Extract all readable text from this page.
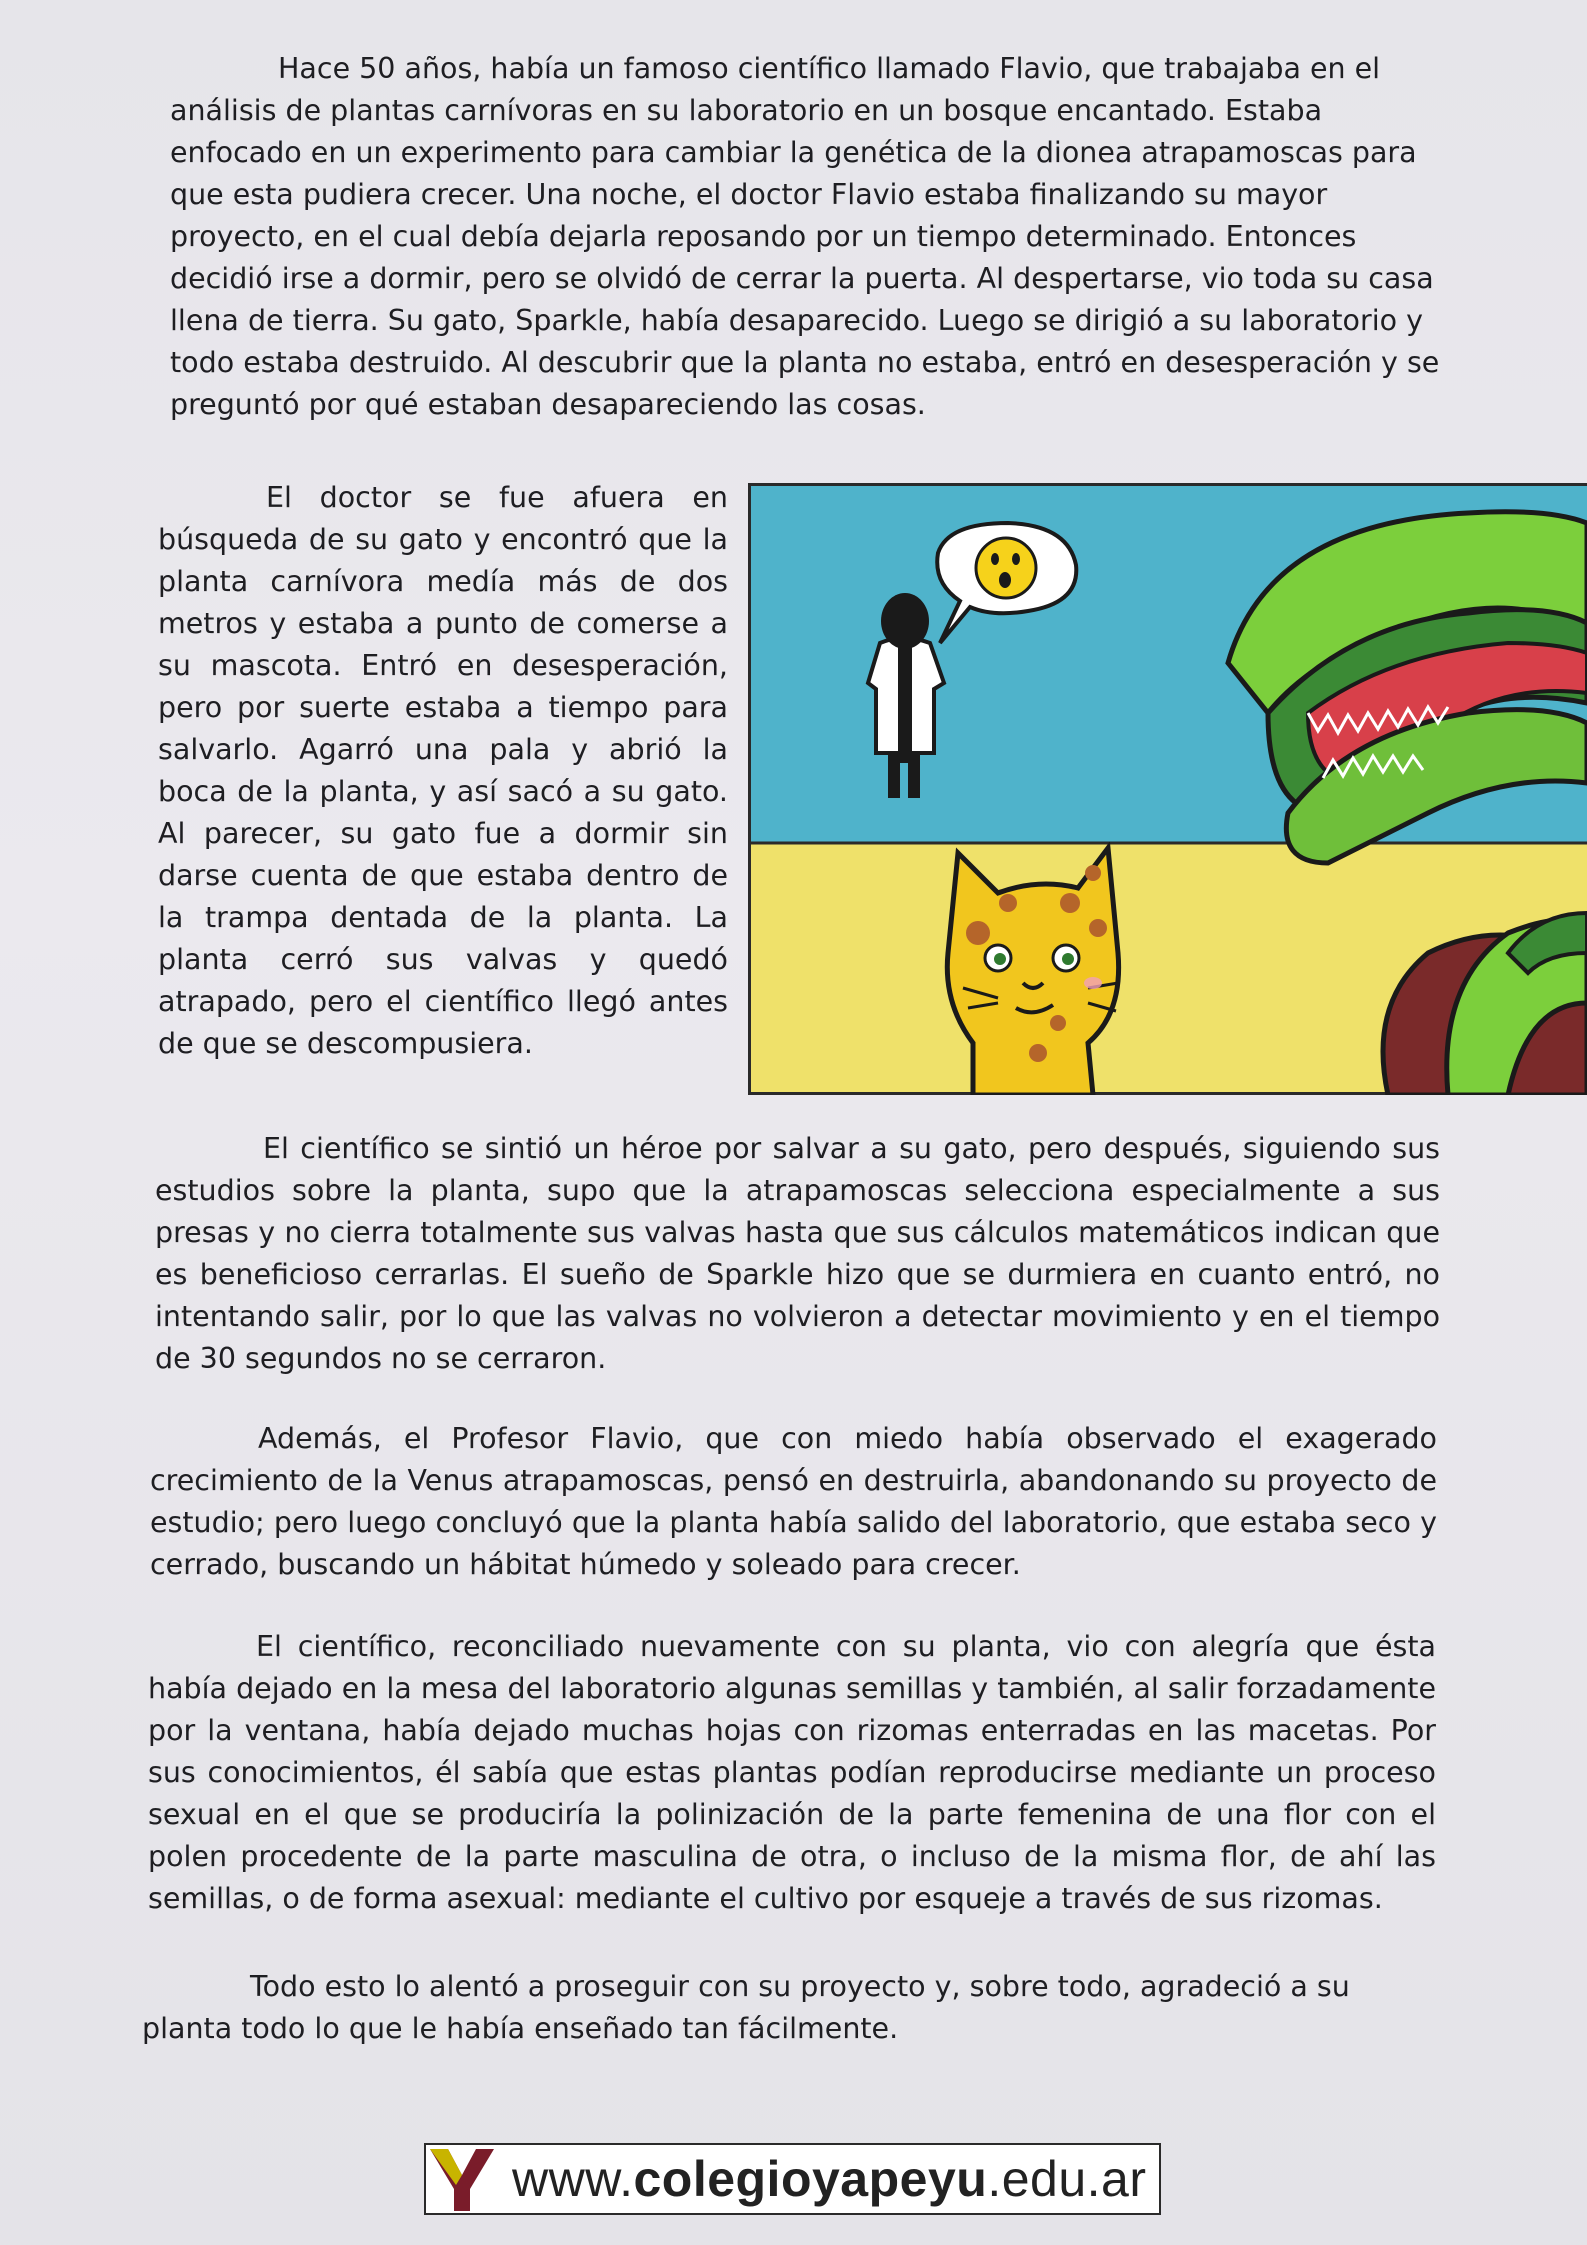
Hace 50 años, había un famoso científico llamado Flavio, que trabajaba en el análisis de plantas carnívoras en su laboratorio en un bosque encantado. Estaba enfocado en un experimento para cambiar la genética de la dionea atrapamoscas para que esta pudiera crecer. Una noche, el doctor Flavio estaba finalizando su mayor proyecto, en el cual debía dejarla reposando por un tiempo determinado. Entonces decidió irse a dormir, pero se olvidó de cerrar la puerta. Al despertarse, vio toda su casa llena de tierra. Su gato, Sparkle, había desaparecido. Luego se dirigió a su laboratorio y todo estaba destruido. Al descubrir que la planta no estaba, entró en desesperación y se preguntó por qué estaban desapareciendo las cosas.

El doctor se fue afuera en búsqueda de su gato y encontró que la planta carnívora medía más de dos metros y estaba a punto de comerse a su mascota. Entró en desesperación, pero por suerte estaba a tiempo para salvarlo. Agarró una pala y abrió la boca de la planta, y así sacó a su gato. Al parecer, su gato fue a dormir sin darse cuenta de que estaba dentro de la trampa dentada de la planta. La planta cerró sus valvas y quedó atrapado, pero el científico llegó antes de que se descompusiera.

El científico se sintió un héroe por salvar a su gato, pero después, siguiendo sus estudios sobre la planta, supo que la atrapamoscas selecciona especialmente a sus presas y no cierra totalmente sus valvas hasta que sus cálculos matemáticos indican que es beneficioso cerrarlas. El sueño de Sparkle hizo que se durmiera en cuanto entró, no intentando salir, por lo que las valvas no volvieron a detectar movimiento y en el tiempo de 30 segundos no se cerraron.

Además, el Profesor Flavio, que con miedo había observado el exagerado crecimiento de la Venus atrapamoscas, pensó en destruirla, abandonando su proyecto de estudio; pero luego concluyó que la planta había salido del laboratorio, que estaba seco y cerrado, buscando un hábitat húmedo y soleado para crecer.

El científico, reconciliado nuevamente con su planta, vio con alegría que ésta había dejado en la mesa del laboratorio algunas semillas y también, al salir forzadamente por la ventana, había dejado muchas hojas con rizomas enterradas en las macetas. Por sus conocimientos, él sabía que estas plantas podían reproducirse mediante un proceso sexual en el que se produciría la polinización de la parte femenina de una flor con el polen procedente de la parte masculina de otra, o incluso de la misma flor, de ahí las semillas, o de forma asexual: mediante el cultivo por esqueje a través de sus rizomas.

Todo esto lo alentó a proseguir con su proyecto y, sobre todo, agradeció a su planta todo lo que le había enseñado tan fácilmente.

www.colegioyapeyu.edu.ar
